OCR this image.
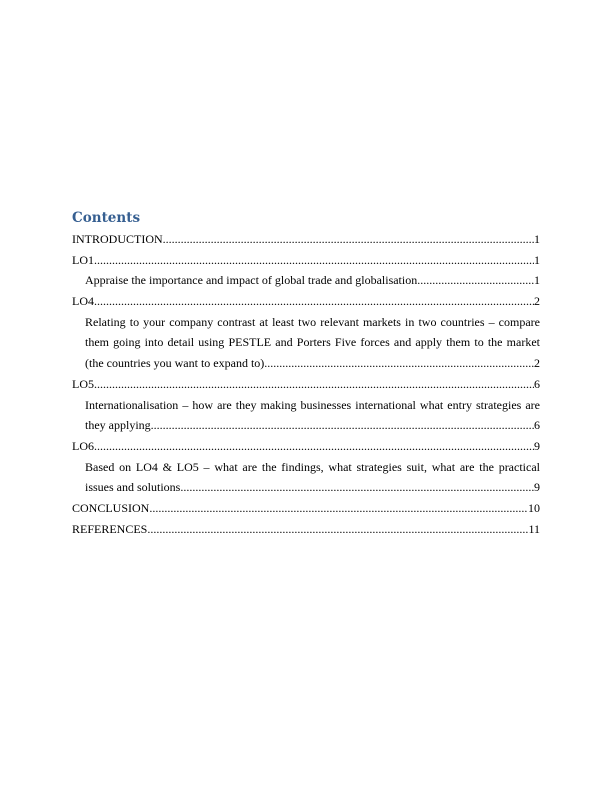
Contents
INTRODUCTION .....	1
LO1 .....	1
Appraise the importance and impact of global trade and globalisation .....	1
LO4 .....	2
Relating to your company contrast at least two relevant markets in two countries – compare
them going into detail using PESTLE and Porters Five forces and apply them to the market
(the countries you want to expand to) .....	2
LO5 .....	6
Internationalisation – how are they making businesses international what entry strategies are
they applying .....	6
LO6 .....	9
Based on LO4 & LO5 – what are the findings, what strategies suit, what are the practical
issues and solutions .....	9
CONCLUSION .....	10
REFERENCES .....	11
